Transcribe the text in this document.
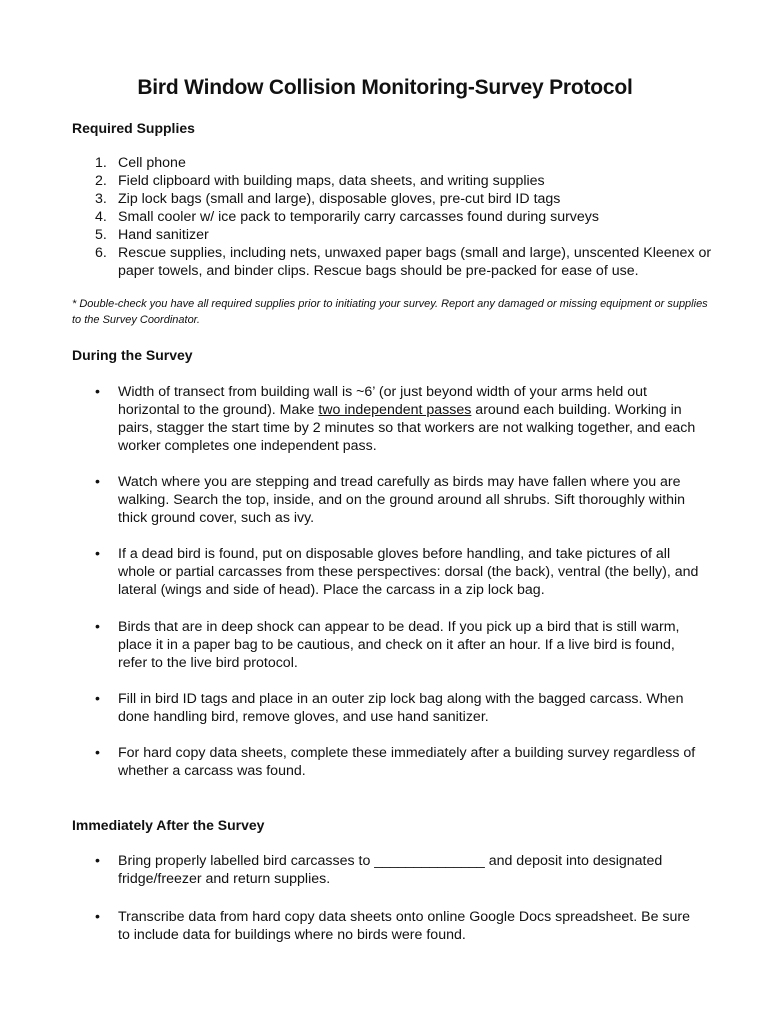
Bird Window Collision Monitoring-Survey Protocol
Required Supplies
1. Cell phone
2. Field clipboard with building maps, data sheets, and writing supplies
3. Zip lock bags (small and large), disposable gloves, pre-cut bird ID tags
4. Small cooler w/ ice pack to temporarily carry carcasses found during surveys
5. Hand sanitizer
6. Rescue supplies, including nets, unwaxed paper bags (small and large), unscented Kleenex or paper towels, and binder clips. Rescue bags should be pre-packed for ease of use.
* Double-check you have all required supplies prior to initiating your survey. Report any damaged or missing equipment or supplies to the Survey Coordinator.
During the Survey
•	Width of transect from building wall is ~6’ (or just beyond width of your arms held out horizontal to the ground). Make two independent passes around each building. Working in pairs, stagger the start time by 2 minutes so that workers are not walking together, and each worker completes one independent pass.
•	Watch where you are stepping and tread carefully as birds may have fallen where you are walking. Search the top, inside, and on the ground around all shrubs. Sift thoroughly within thick ground cover, such as ivy.
•	If a dead bird is found, put on disposable gloves before handling, and take pictures of all whole or partial carcasses from these perspectives: dorsal (the back), ventral (the belly), and lateral (wings and side of head). Place the carcass in a zip lock bag.
•	Birds that are in deep shock can appear to be dead. If you pick up a bird that is still warm, place it in a paper bag to be cautious, and check on it after an hour. If a live bird is found, refer to the live bird protocol.
•	Fill in bird ID tags and place in an outer zip lock bag along with the bagged carcass. When done handling bird, remove gloves, and use hand sanitizer.
•	For hard copy data sheets, complete these immediately after a building survey regardless of whether a carcass was found.
Immediately After the Survey
•	Bring properly labelled bird carcasses to ______________ and deposit into designated fridge/freezer and return supplies.
•	Transcribe data from hard copy data sheets onto online Google Docs spreadsheet. Be sure to include data for buildings where no birds were found.
